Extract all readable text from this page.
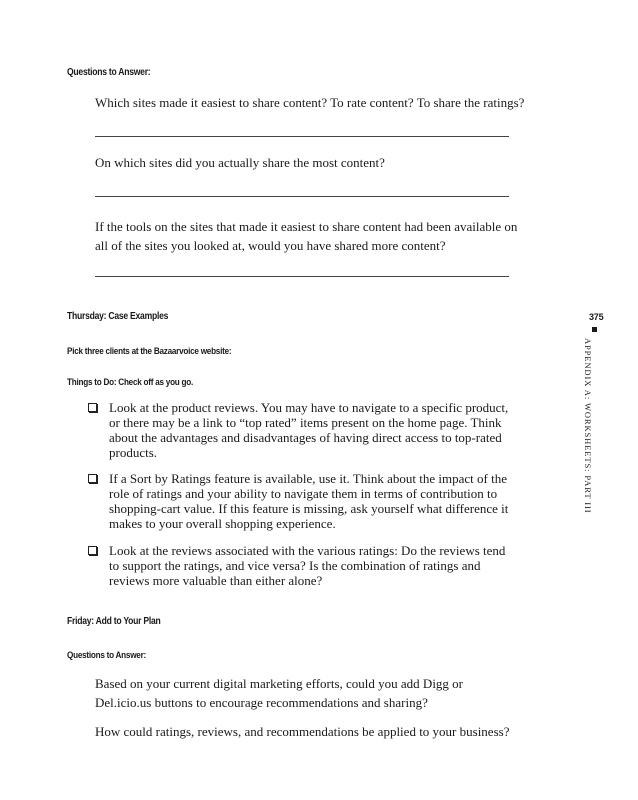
Questions to Answer:
Which sites made it easiest to share content? To rate content? To share the ratings?
On which sites did you actually share the most content?
If the tools on the sites that made it easiest to share content had been available on all of the sites you looked at, would you have shared more content?
Thursday: Case Examples
Pick three clients at the Bazaarvoice website:
Things to Do: Check off as you go.
Look at the product reviews. You may have to navigate to a specific product, or there may be a link to “top rated” items present on the home page. Think about the advantages and disadvantages of having direct access to top-rated products.
If a Sort by Ratings feature is available, use it. Think about the impact of the role of ratings and your ability to navigate them in terms of contribution to shopping-cart value. If this feature is missing, ask yourself what difference it makes to your overall shopping experience.
Look at the reviews associated with the various ratings: Do the reviews tend to support the ratings, and vice versa? Is the combination of ratings and reviews more valuable than either alone?
Friday: Add to Your Plan
Questions to Answer:
Based on your current digital marketing efforts, could you add Digg or Del.icio.us buttons to encourage recommendations and sharing?
How could ratings, reviews, and recommendations be applied to your business?
375
APPENDIX A: WORKSHEETS: PART III
